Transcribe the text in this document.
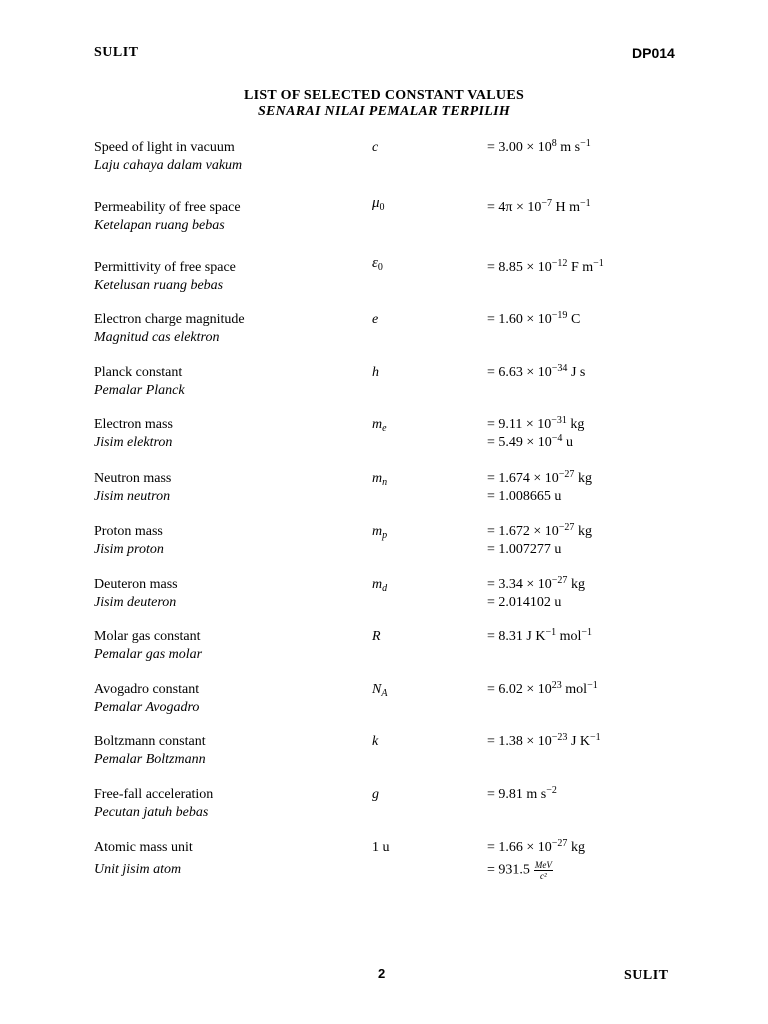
SULIT	DP014
LIST OF SELECTED CONSTANT VALUES
SENARAI NILAI PEMALAR TERPILIH
Speed of light in vacuum
Laju cahaya dalam vakum
c	= $3.00 \times 10^8$ m $s^{-1}$
Permeability of free space
Ketelapan ruang bebas
$\mu_0$	= $4\pi \times 10^{-7}$ H $m^{-1}$
Permittivity of free space
Ketelusan ruang bebas
$\varepsilon_0$	= $8.85 \times 10^{-12}$ F $m^{-1}$
Electron charge magnitude
Magnitud cas elektron
e	= $1.60 \times 10^{-19}$ C
Planck constant
Pemalar Planck
h	= $6.63 \times 10^{-34}$ J s
Electron mass
Jisim elektron
$m_e$	= $9.11 \times 10^{-31}$ kg
= $5.49 \times 10^{-4}$ u
Neutron mass
Jisim neutron
$m_n$	= $1.674 \times 10^{-27}$ kg
= 1.008665 u
Proton mass
Jisim proton
$m_p$	= $1.672 \times 10^{-27}$ kg
= 1.007277 u
Deuteron mass
Jisim deuteron
$m_d$	= $3.34 \times 10^{-27}$ kg
= 2.014102 u
Molar gas constant
Pemalar gas molar
R	= 8.31 J $K^{-1}$ mol$^{-1}$
Avogadro constant
Pemalar Avogadro
$N_A$	= $6.02 \times 10^{23}$ mol$^{-1}$
Boltzmann constant
Pemalar Boltzmann
k	= $1.38 \times 10^{-23}$ J $K^{-1}$
Free-fall acceleration
Pecutan jatuh bebas
g	= 9.81 m $s^{-2}$
Atomic mass unit
Unit jisim atom
1 u	= $1.66 \times 10^{-27}$ kg
= $931.5 \frac{\text{MeV}}{\text{c²}}$
2	SULIT
